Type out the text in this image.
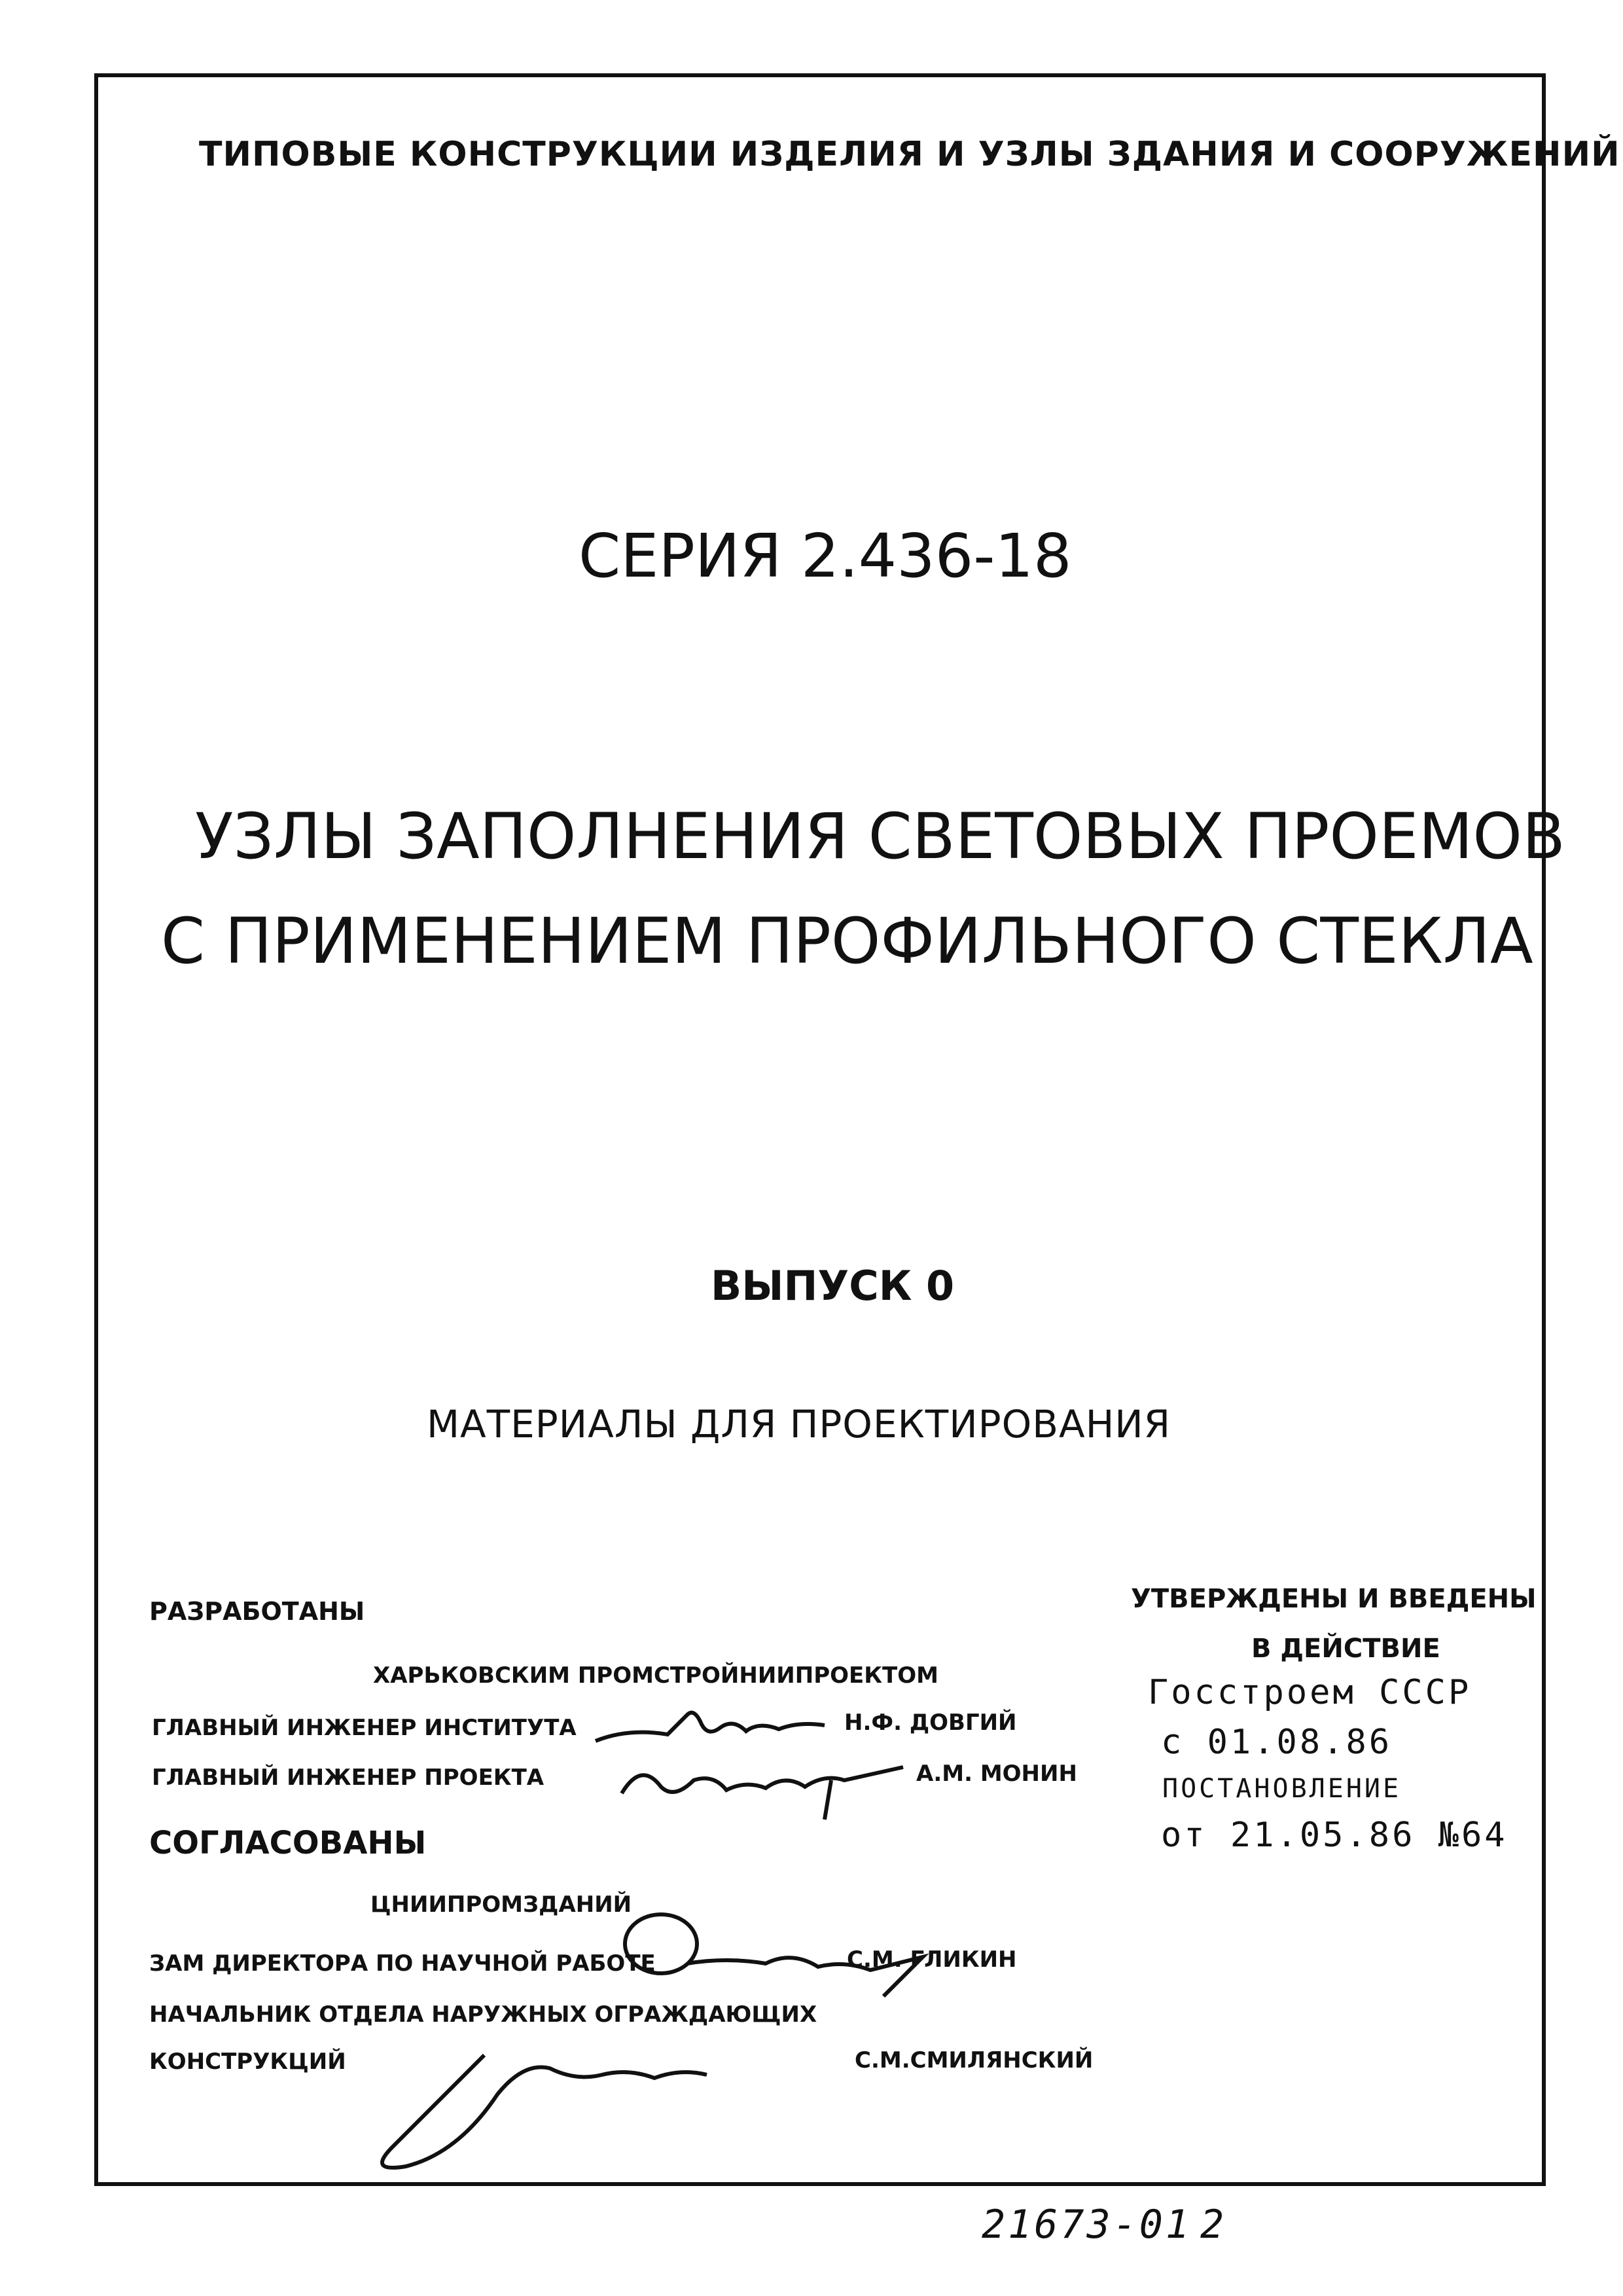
ТИПОВЫЕ КОНСТРУКЦИИ ИЗДЕЛИЯ И УЗЛЫ ЗДАНИЯ И СООРУЖЕНИЙ

СЕРИЯ 2.436-18

УЗЛЫ ЗАПОЛНЕНИЯ СВЕТОВЫХ ПРОЕМОВ

С ПРИМЕНЕНИЕМ ПРОФИЛЬНОГО СТЕКЛА

ВЫПУСК 0

МАТЕРИАЛЫ ДЛЯ ПРОЕКТИРОВАНИЯ

РАЗРАБОТАНЫ

ХАРЬКОВСКИМ ПРОМСТРОЙНИИПРОЕКТОМ

ГЛАВНЫЙ ИНЖЕНЕР ИНСТИТУТА	Н.Ф. ДОВГИЙ

ГЛАВНЫЙ ИНЖЕНЕР ПРОЕКТА	А.М. МОНИН

СОГЛАСОВАНЫ

ЦНИИПРОМЗДАНИЙ

ЗАМ ДИРЕКТОРА ПО НАУЧНОЙ РАБОТЕ	С.М. ГЛИКИН

НАЧАЛЬНИК ОТДЕЛА НАРУЖНЫХ ОГРАЖДАЮЩИХ

КОНСТРУКЦИЙ	С.М.СМИЛЯНСКИЙ

УТВЕРЖДЕНЫ И ВВЕДЕНЫ

В ДЕЙСТВИЕ

Госстроем СССР

с 01.08.86

ПОСТАНОВЛЕНИЕ

от 21.05.86 №64

21673-01 2
